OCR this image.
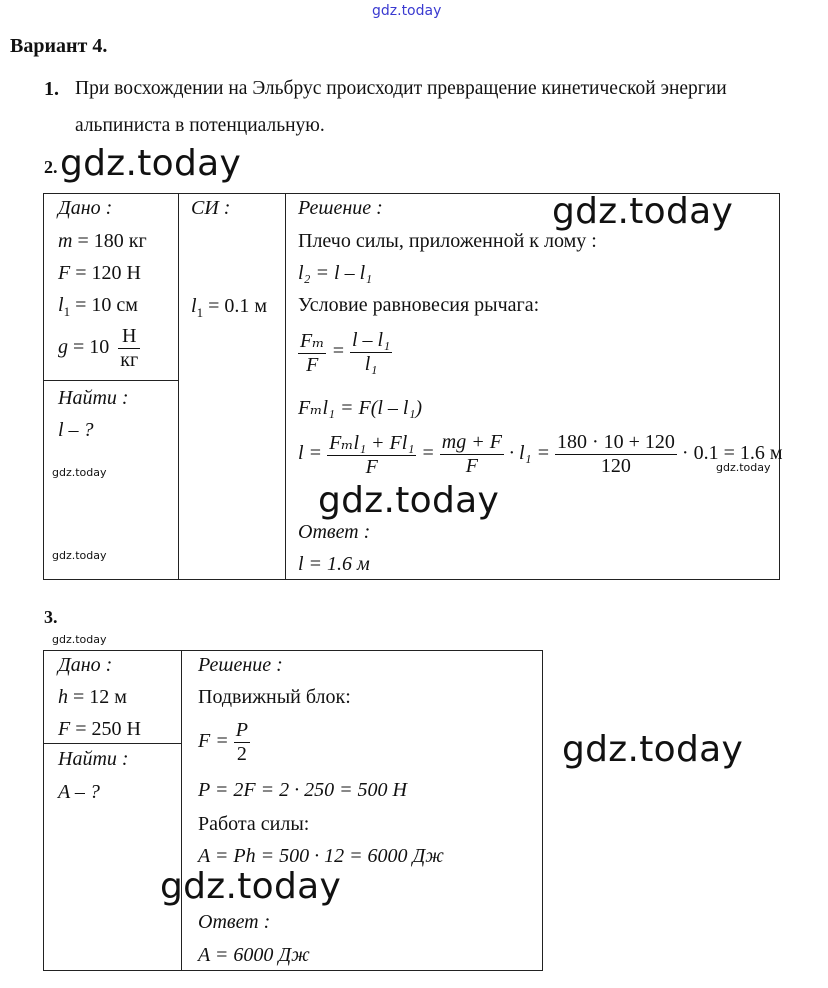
gdz.today
Вариант 4.
1. При восхождении на Эльбрус происходит превращение кинетической энергии
альпиниста в потенциальную.
2. gdz.today

Дано :
m = 180 кг
F = 120 Н
$l_1 = 10$ см
$g = 10 \frac{Н}{кг}$
Найти :
l – ?
gdz.today
gdz.today
СИ :
$l_1 = 0.1$ м
Решение :	gdz.today
Плечо силы, приложенной к лому :
l₂ = l – l₁
Условие равновесия рычага:
$\frac{\text{Fₘ}}{F} = \frac{\text{l – l₁}}{\text{l₁}}$
Fₘl₁ = F(l – l₁)
$l = \frac{\text{Fₘl₁ + Fl₁}}{F} = \frac{mg + F}{F} \cdot l_1 = \frac{180 \cdot 10 + 120}{120} \cdot 0.1 = 1.6$ м
gdz.today
gdz.today
Ответ :
l = 1.6 м
3.
gdz.today

Дано :
h = 12 м
F = 250 Н
Найти :
A – ?
Решение :
Подвижный блок:
$F = \frac{P}{2}$
P = 2F = 2 · 250 = 500 Н
Работа силы:
A = Ph = 500 · 12 = 6000 Дж
gdz.today
Ответ :
A = 6000 Дж
gdz.today
